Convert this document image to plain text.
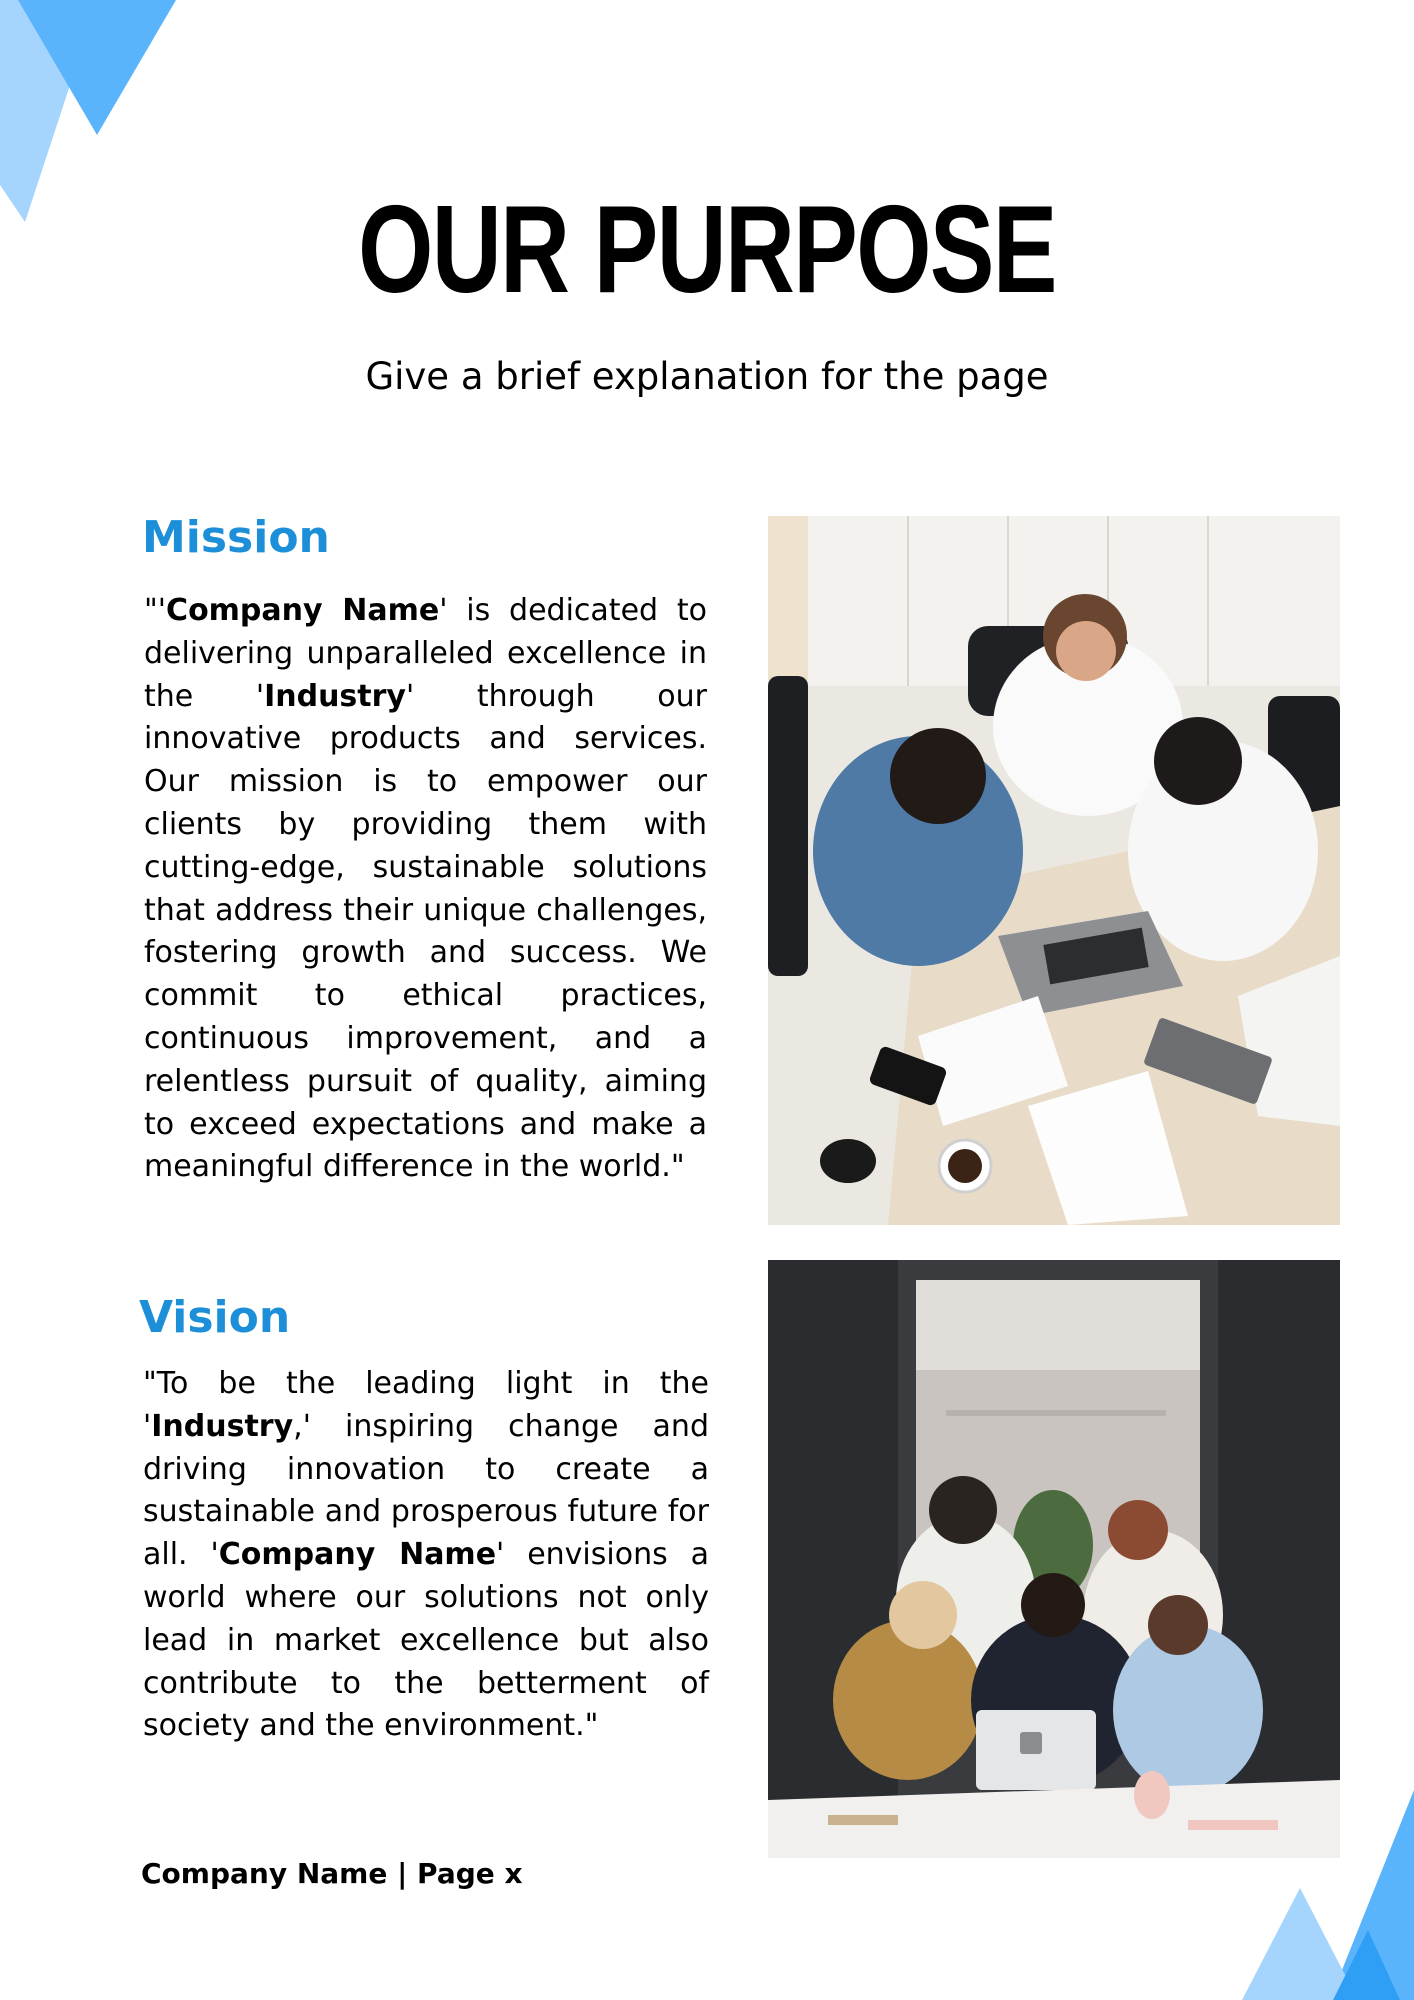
OUR PURPOSE
Give a brief explanation for the page
Mission
"'Company Name' is dedicated to delivering unparalleled excellence in the 'Industry' through our innovative products and services. Our mission is to empower our clients by providing them with cutting-edge, sustainable solutions that address their unique challenges, fostering growth and success. We commit to ethical practices, continuous improvement, and a relentless pursuit of quality, aiming to exceed expectations and make a meaningful difference in the world."
Vision
"To be the leading light in the 'Industry,' inspiring change and driving innovation to create a sustainable and prosperous future for all. 'Company Name' envisions a world where our solutions not only lead in market excellence but also contribute to the betterment of society and the environment."
Company Name | Page x
